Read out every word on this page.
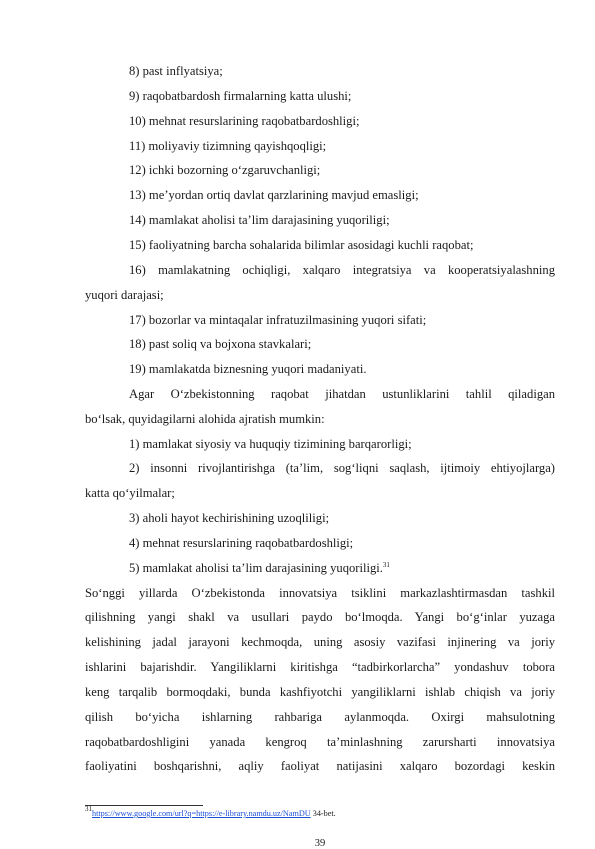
$^{31}$https://www.google.com/url?q=https://e-library.namdu.uz/NamDU 34-bet.
39
8) past inflyatsiya;
9) raqobatbardosh firmalarning katta ulushi;
10) mehnat resurslarining raqobatbardoshligi;
11) moliyaviy tizimning qayishqoqligi;
12) ichki bozorning o‘zgaruvchanligi;
13) me’yordan ortiq davlat qarzlarining mavjud emasligi;
14) mamlakat aholisi ta’lim darajasining yuqoriligi;
15) faoliyatning barcha sohalarida bilimlar asosidagi kuchli raqobat;
16) mamlakatning ochiqligi, xalqaro integratsiya va kooperatsiyalashning
yuqori darajasi;
17) bozorlar va mintaqalar infratuzilmasining yuqori sifati;
18) past soliq va bojxona stavkalari;
19) mamlakatda biznesning yuqori madaniyati.
Agar O‘zbekistonning raqobat jihatdan ustunliklarini tahlil qiladigan
bo‘lsak, quyidagilarni alohida ajratish mumkin:
1) mamlakat siyosiy va huquqiy tizimining barqarorligi;
2) insonni rivojlantirishga (ta’lim, sog‘liqni saqlash, ijtimoiy ehtiyojlarga)
katta qo‘yilmalar;
3) aholi hayot kechirishining uzoqliligi;
4) mehnat resurslarining raqobatbardoshligi;
5) mamlakat aholisi ta’lim darajasining yuqoriligi.$^{31}$
So‘nggi yillarda O‘zbekistonda innovatsiya tsiklini markazlashtirmasdan tashkil
qilishning yangi shakl va usullari paydo bo‘lmoqda. Yangi bo‘g‘inlar yuzaga
kelishining jadal jarayoni kechmoqda, uning asosiy vazifasi injinering va joriy
ishlarini bajarishdir. Yangiliklarni kiritishga “tadbirkorlarcha” yondashuv tobora
keng tarqalib bormoqdaki, bunda kashfiyotchi yangiliklarni ishlab chiqish va joriy
qilish bo‘yicha ishlarning rahbariga aylanmoqda. Oxirgi mahsulotning
raqobatbardoshligini yanada kengroq ta’minlashning zarursharti innovatsiya
faoliyatini boshqarishni, aqliy faoliyat natijasini xalqaro bozordagi keskin
